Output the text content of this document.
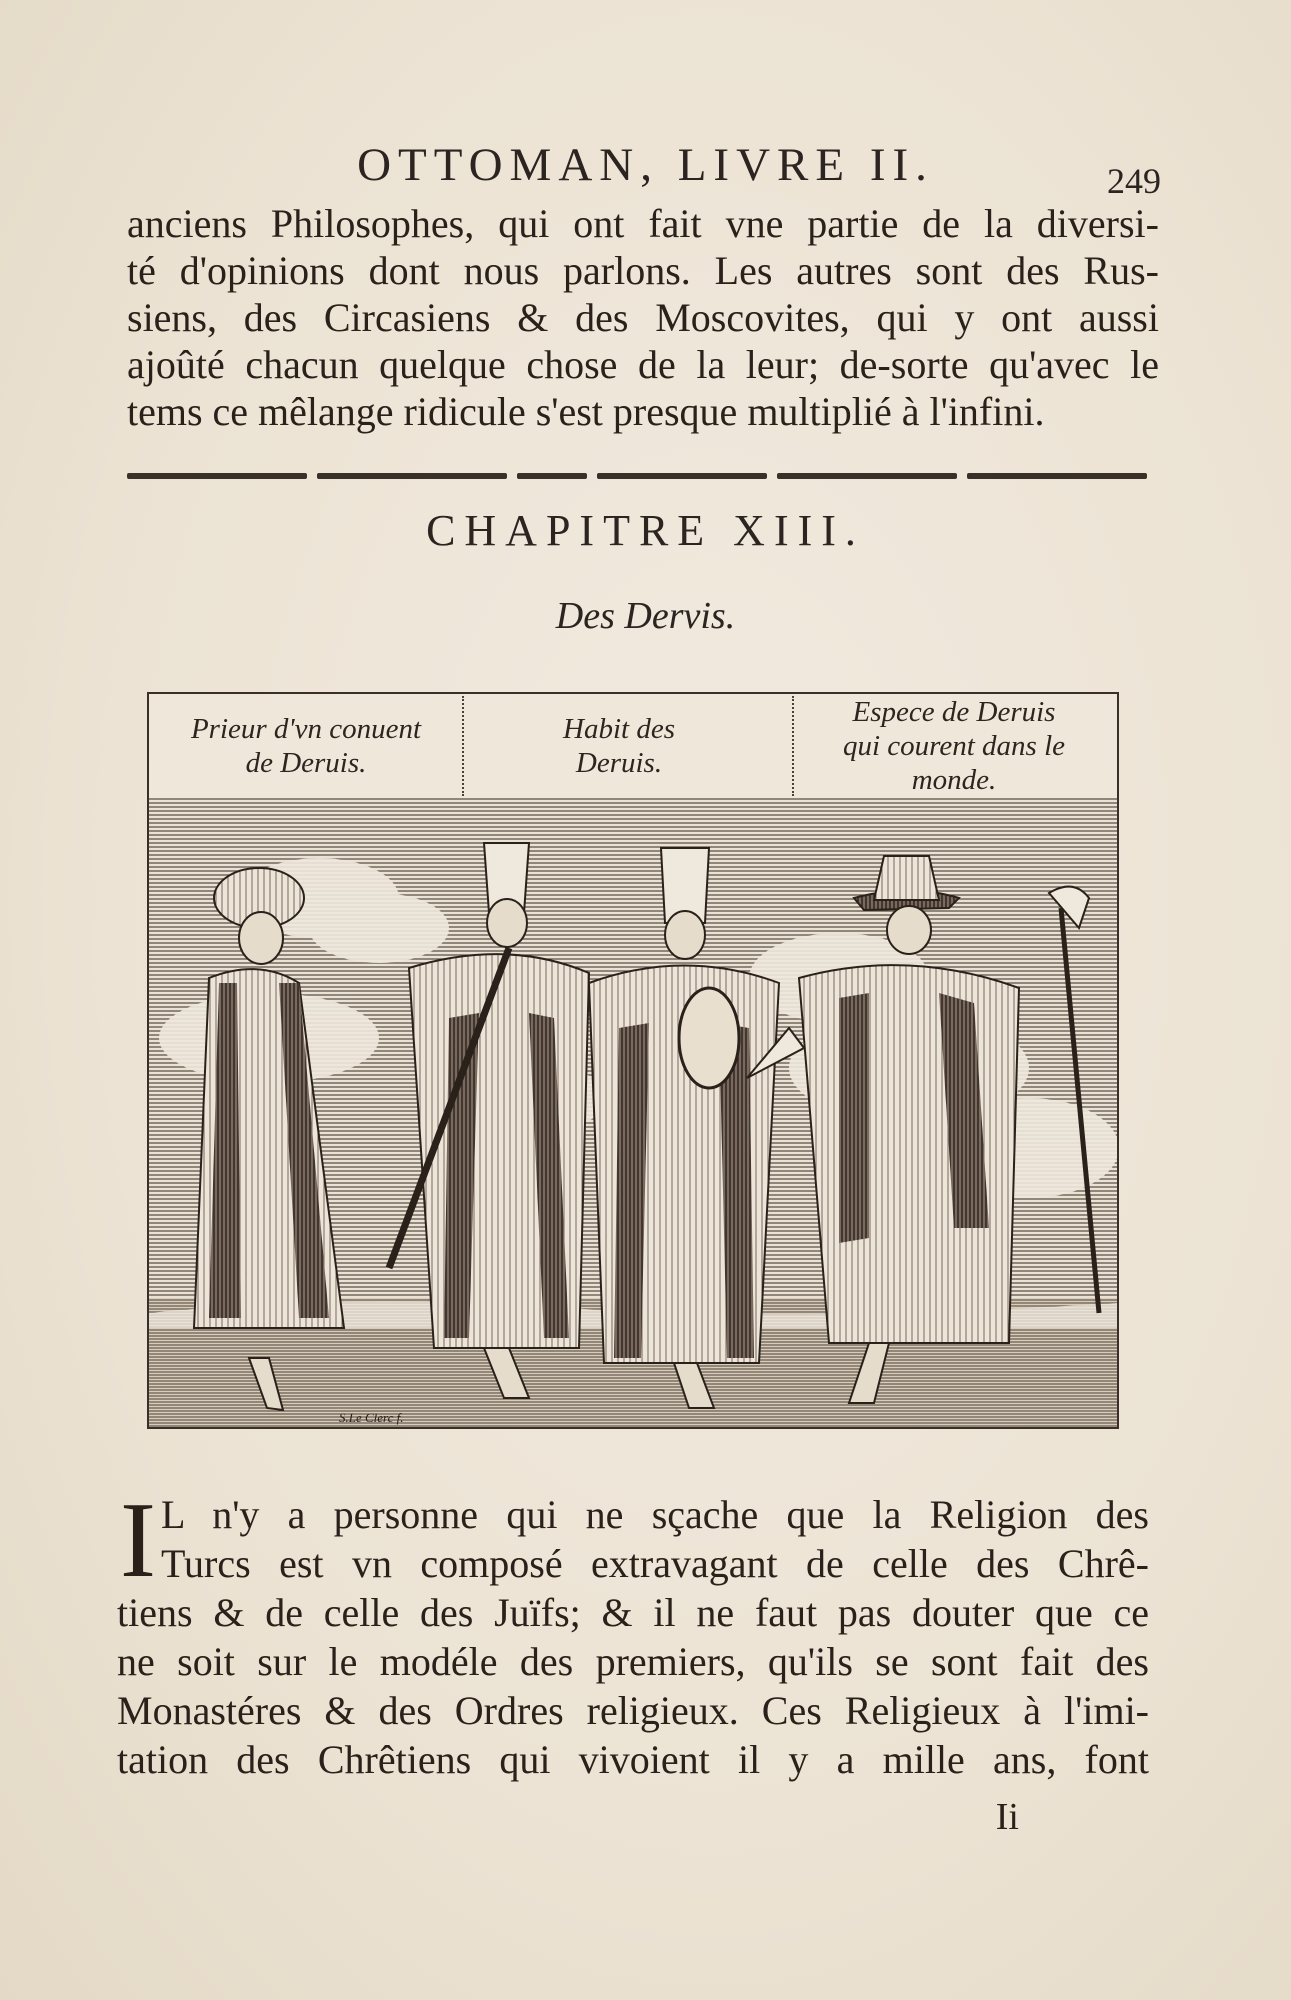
OTTOMAN, LIVRE II.	249
anciens Philosophes, qui ont fait vne partie de la diversi-
té d'opinions dont nous parlons. Les autres sont des Rus-
siens, des Circasiens & des Moscovites, qui y ont aussi
ajoûté chacun quelque chose de la leur; de-sorte qu'avec le
tems ce mêlange ridicule s'est presque multiplié à l'infini.
CHAPITRE XIII.
Des Dervis.
Prieur d'vn conuent
de Deruis.
Habit des
Deruis.
Espece de Deruis
qui courent dans le
monde.
S.Le Clerc f.
I L n'y a personne qui ne sçache que la Religion des
Turcs est vn composé extravagant de celle des Chrê-
tiens & de celle des Juïfs; & il ne faut pas douter que ce
ne soit sur le modéle des premiers, qu'ils se sont fait des
Monastéres & des Ordres religieux. Ces Religieux à l'imi-
tation des Chrêtiens qui vivoient il y a mille ans, font
Ii
